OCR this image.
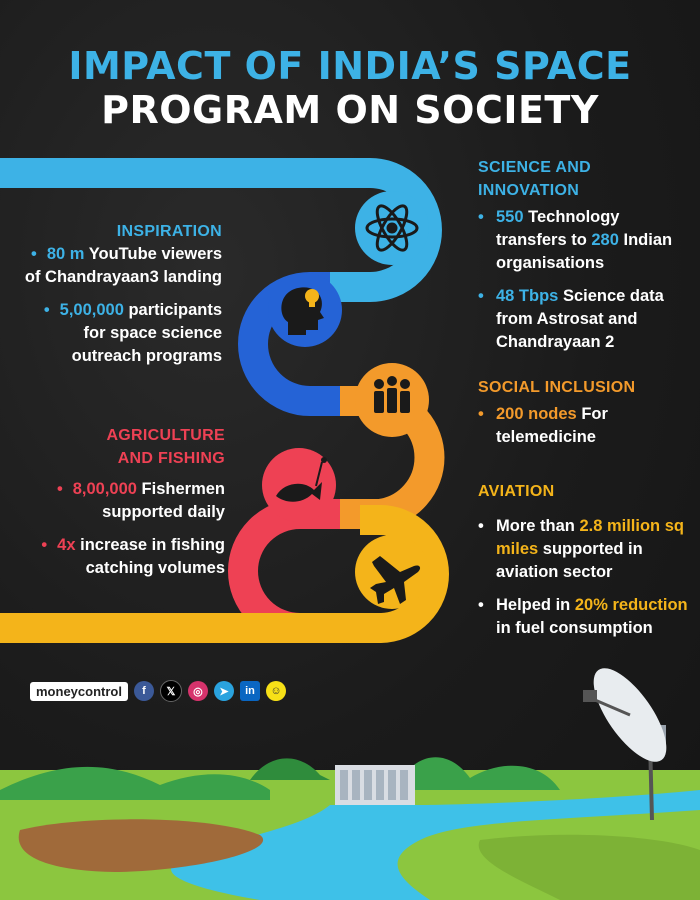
IMPACT OF INDIA’S SPACE
PROGRAM ON SOCIETY
SCIENCE AND INNOVATION
• 550 Technology transfers to 280 Indian organisations
• 48 Tbps Science data from Astrosat and Chandrayaan 2
INSPIRATION
• 80 m YouTube viewers of Chandrayaan3 landing
• 5,00,000 participants for space science outreach programs
SOCIAL INCLUSION
• 200 nodes For telemedicine
AGRICULTURE
AND FISHING
• 8,00,000 Fishermen supported daily
• 4x increase in fishing catching volumes
AVIATION
• More than 2.8 million sq miles supported in aviation sector
• Helped in 20% reduction in fuel consumption
moneycontrol	f	𝕏	◎	➤	in	☺
